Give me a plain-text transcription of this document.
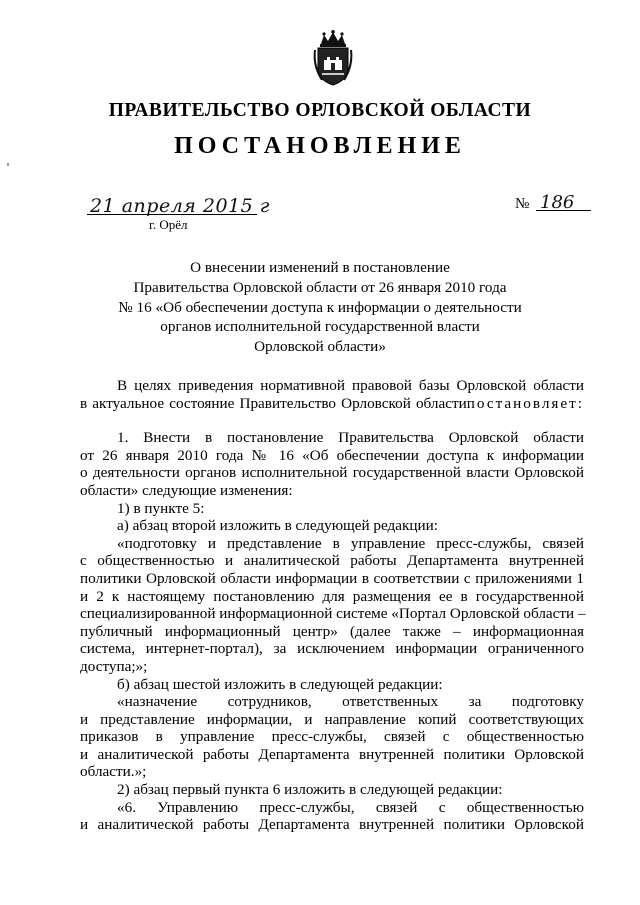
ПРАВИТЕЛЬСТВО ОРЛОВСКОЙ ОБЛАСТИ
ПОСТАНОВЛЕНИЕ
21 апреля 2015 г
г. Орёл
№ 186
О внесении изменений в постановление
Правительства Орловской области от 26 января 2010 года
№ 16 «Об обеспечении доступа к информации о деятельности
органов исполнительной государственной власти
Орловской области»
В целях приведения нормативной правовой базы Орловской области
в актуальное состояние Правительство Орловской областипостановляет:
1. Внести в постановление Правительства Орловской области
от 26 января 2010 года № 16 «Об обеспечении доступа к информации
о деятельности органов исполнительной государственной власти Орловской
области» следующие изменения:
1) в пункте 5:
а) абзац второй изложить в следующей редакции:
«подготовку и представление в управление пресс-службы, связей
с общественностью и аналитической работы Департамента внутренней
политики Орловской области информации в соответствии с приложениями 1
и 2 к настоящему постановлению для размещения ее в государственной
специализированной информационной системе «Портал Орловской области –
публичный информационный центр» (далее также – информационная
система, интернет-портал), за исключением информации ограниченного
доступа;»;
б) абзац шестой изложить в следующей редакции:
«назначение сотрудников, ответственных за подготовку
и представление информации, и направление копий соответствующих
приказов в управление пресс-службы, связей с общественностью
и аналитической работы Департамента внутренней политики Орловской
области.»;
2) абзац первый пункта 6 изложить в следующей редакции:
«6. Управлению пресс-службы, связей с общественностью
и аналитической работы Департамента внутренней политики Орловской
